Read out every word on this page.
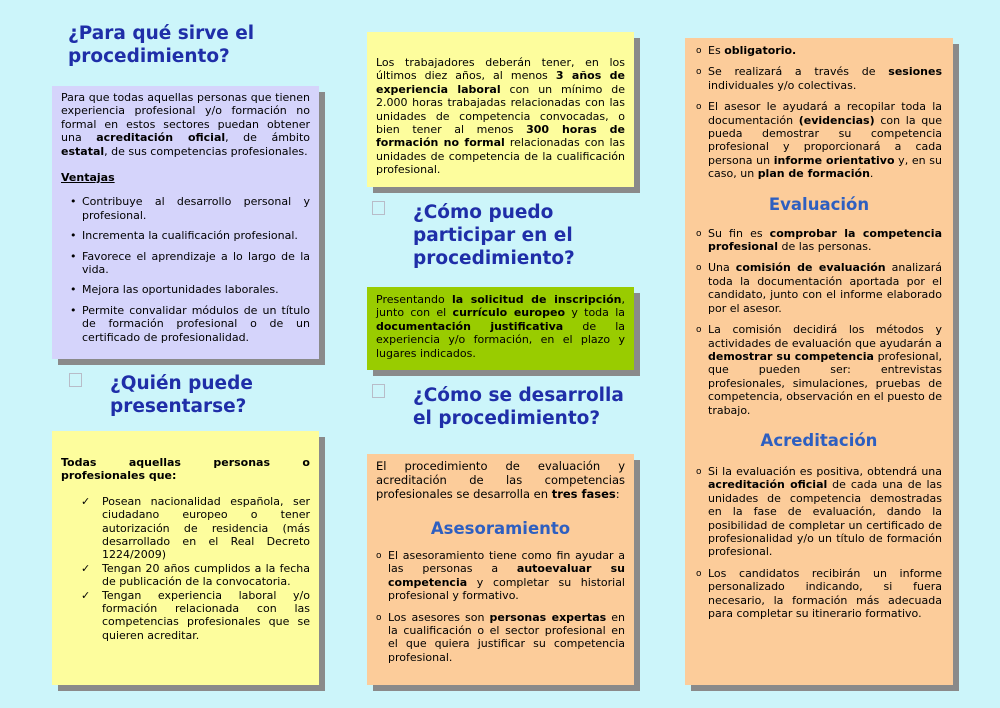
¿Para qué sirve el procedimiento?

Para que todas aquellas personas que tienen experiencia profesional y/o formación no formal en estos sectores puedan obtener una acreditación oficial, de ámbito estatal, de sus competencias profesionales.

Ventajas

• Contribuye al desarrollo personal y profesional.
• Incrementa la cualificación profesional.
• Favorece el aprendizaje a lo largo de la vida.
• Mejora las oportunidades laborales.
• Permite convalidar módulos de un título de formación profesional o de un certificado de profesionalidad.
¿Quién puede presentarse?

Todas aquellas personas o profesionales que:

✓ Posean nacionalidad española, ser ciudadano europeo o tener autorización de residencia (más desarrollado en el Real Decreto 1224/2009)
✓ Tengan 20 años cumplidos a la fecha de publicación de la convocatoria.
✓ Tengan experiencia laboral y/o formación relacionada con las competencias profesionales que se quieren acreditar.

Los trabajadores deberán tener, en los últimos diez años, al menos 3 años de experiencia laboral con un mínimo de 2.000 horas trabajadas relacionadas con las unidades de competencia convocadas, o bien tener al menos 300 horas de formación no formal relacionadas con las unidades de competencia de la cualificación profesional.

¿Cómo puedo participar en el procedimiento?

Presentando la solicitud de inscripción, junto con el currículo europeo y toda la documentación justificativa de la experiencia y/o formación, en el plazo y lugares indicados.

¿Cómo se desarrolla el procedimiento?

El procedimiento de evaluación y acreditación de las competencias profesionales se desarrolla en tres fases:

Asesoramiento
o El asesoramiento tiene como fin ayudar a las personas a autoevaluar su competencia y completar su historial profesional y formativo.
o Los asesores son personas expertas en la cualificación o el sector profesional en el que quiera justificar su competencia profesional.
o Es obligatorio.
o Se realizará a través de sesiones individuales y/o colectivas.
o El asesor le ayudará a recopilar toda la documentación (evidencias) con la que pueda demostrar su competencia profesional y proporcionará a cada persona un informe orientativo y, en su caso, un plan de formación.
Evaluación
o Su fin es comprobar la competencia profesional de las personas.
o Una comisión de evaluación analizará toda la documentación aportada por el candidato, junto con el informe elaborado por el asesor.
o La comisión decidirá los métodos y actividades de evaluación que ayudarán a demostrar su competencia profesional, que pueden ser: entrevistas profesionales, simulaciones, pruebas de competencia, observación en el puesto de trabajo.
Acreditación
o Si la evaluación es positiva, obtendrá una acreditación oficial de cada una de las unidades de competencia demostradas en la fase de evaluación, dando la posibilidad de completar un certificado de profesionalidad y/o un título de formación profesional.
o Los candidatos recibirán un informe personalizado indicando, si fuera necesario, la formación más adecuada para completar su itinerario formativo.
